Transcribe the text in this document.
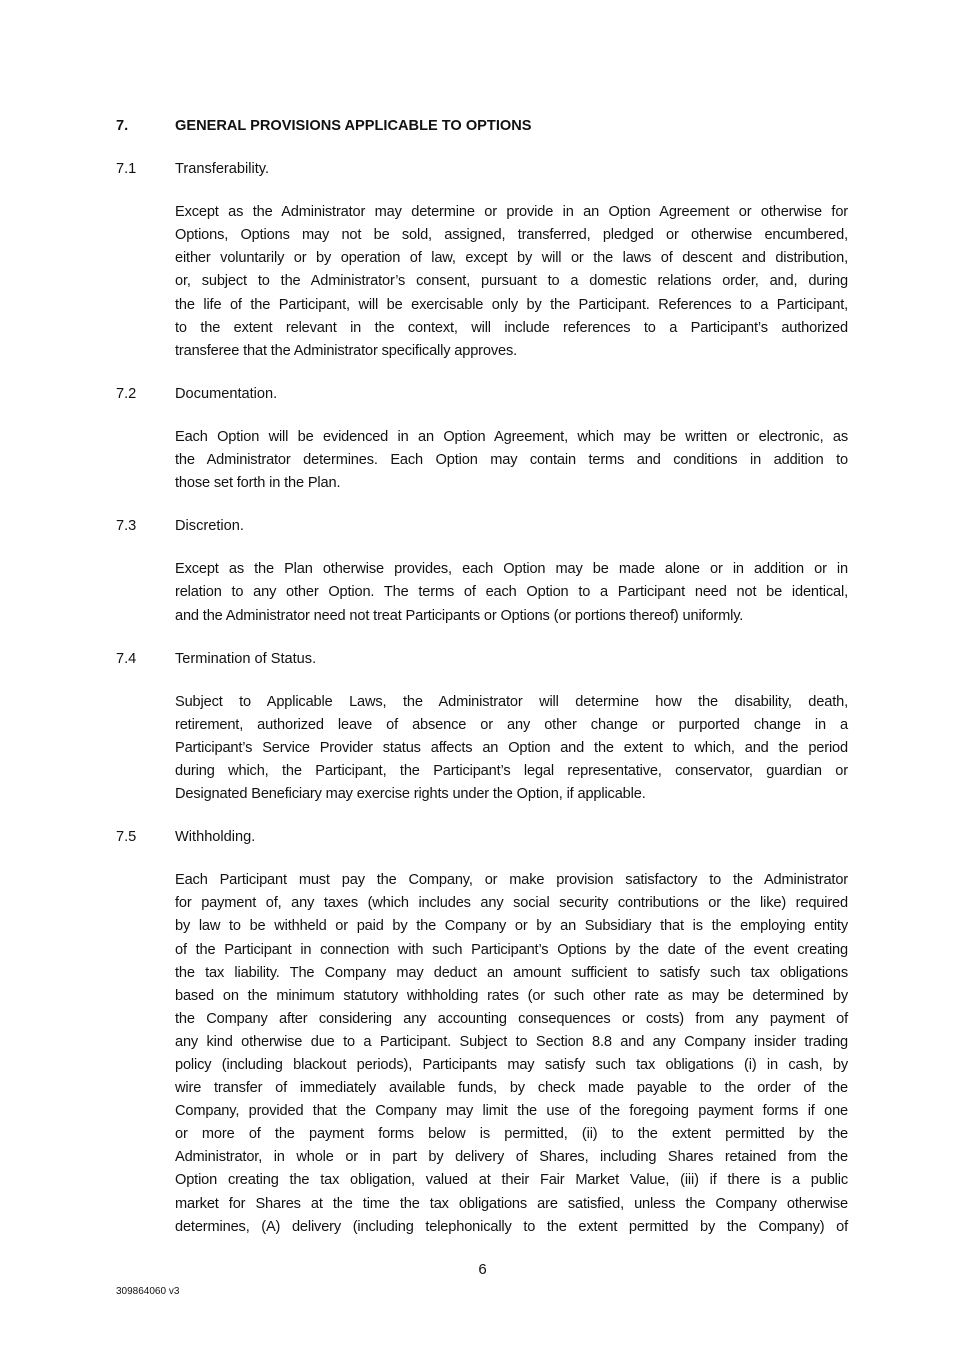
7.	GENERAL PROVISIONS APPLICABLE TO OPTIONS
7.1	Transferability.
Except as the Administrator may determine or provide in an Option Agreement or otherwise for
Options, Options may not be sold, assigned, transferred, pledged or otherwise encumbered,
either voluntarily or by operation of law, except by will or the laws of descent and distribution,
or, subject to the Administrator’s consent, pursuant to a domestic relations order, and, during
the life of the Participant, will be exercisable only by the Participant. References to a Participant,
to the extent relevant in the context, will include references to a Participant’s authorized
transferee that the Administrator specifically approves.
7.2	Documentation.
Each Option will be evidenced in an Option Agreement, which may be written or electronic, as
the Administrator determines. Each Option may contain terms and conditions in addition to
those set forth in the Plan.
7.3	Discretion.
Except as the Plan otherwise provides, each Option may be made alone or in addition or in
relation to any other Option. The terms of each Option to a Participant need not be identical,
and the Administrator need not treat Participants or Options (or portions thereof) uniformly.
7.4	Termination of Status.
Subject to Applicable Laws, the Administrator will determine how the disability, death,
retirement, authorized leave of absence or any other change or purported change in a
Participant’s Service Provider status affects an Option and the extent to which, and the period
during which, the Participant, the Participant’s legal representative, conservator, guardian or
Designated Beneficiary may exercise rights under the Option, if applicable.
7.5	Withholding.
Each Participant must pay the Company, or make provision satisfactory to the Administrator
for payment of, any taxes (which includes any social security contributions or the like) required
by law to be withheld or paid by the Company or by an Subsidiary that is the employing entity
of the Participant in connection with such Participant’s Options by the date of the event creating
the tax liability. The Company may deduct an amount sufficient to satisfy such tax obligations
based on the minimum statutory withholding rates (or such other rate as may be determined by
the Company after considering any accounting consequences or costs) from any payment of
any kind otherwise due to a Participant. Subject to Section 8.8 and any Company insider trading
policy (including blackout periods), Participants may satisfy such tax obligations (i) in cash, by
wire transfer of immediately available funds, by check made payable to the order of the
Company, provided that the Company may limit the use of the foregoing payment forms if one
or more of the payment forms below is permitted, (ii) to the extent permitted by the
Administrator, in whole or in part by delivery of Shares, including Shares retained from the
Option creating the tax obligation, valued at their Fair Market Value, (iii) if there is a public
market for Shares at the time the tax obligations are satisfied, unless the Company otherwise
determines, (A) delivery (including telephonically to the extent permitted by the Company) of
6
309864060 v3
